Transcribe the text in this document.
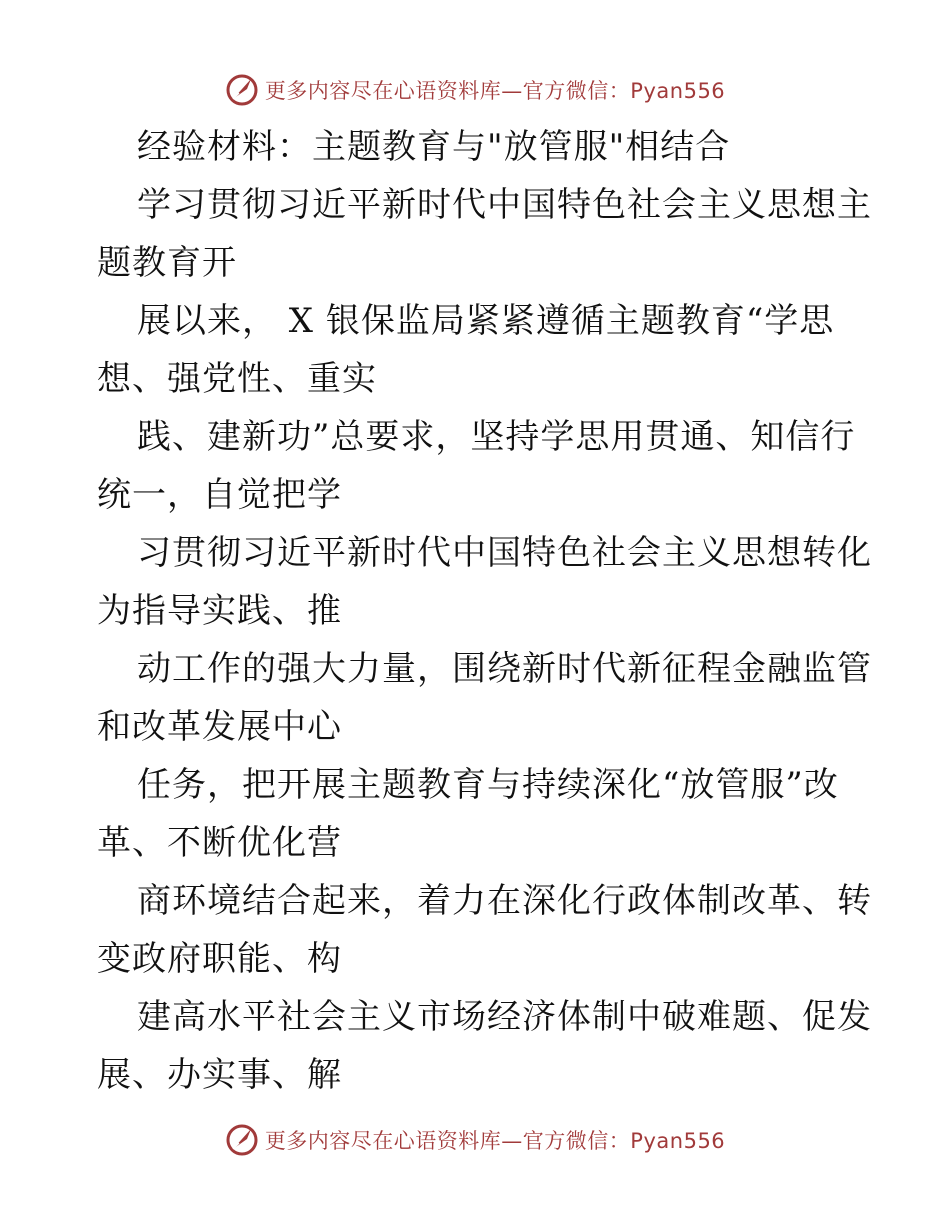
更多内容尽在心语资料库—官方微信：Pyan556
经验材料：主题教育与"放管服"相结合
学习贯彻习近平新时代中国特色社会主义思想主
题教育开
展以来， X 银保监局紧紧遵循主题教育“学思
想、强党性、重实
践、建新功”总要求，坚持学思用贯通、知信行
统一，自觉把学
习贯彻习近平新时代中国特色社会主义思想转化
为指导实践、推
动工作的强大力量，围绕新时代新征程金融监管
和改革发展中心
任务，把开展主题教育与持续深化“放管服”改
革、不断优化营
商环境结合起来，着力在深化行政体制改革、转
变政府职能、构
建高水平社会主义市场经济体制中破难题、促发
展、办实事、解
更多内容尽在心语资料库—官方微信：Pyan556
